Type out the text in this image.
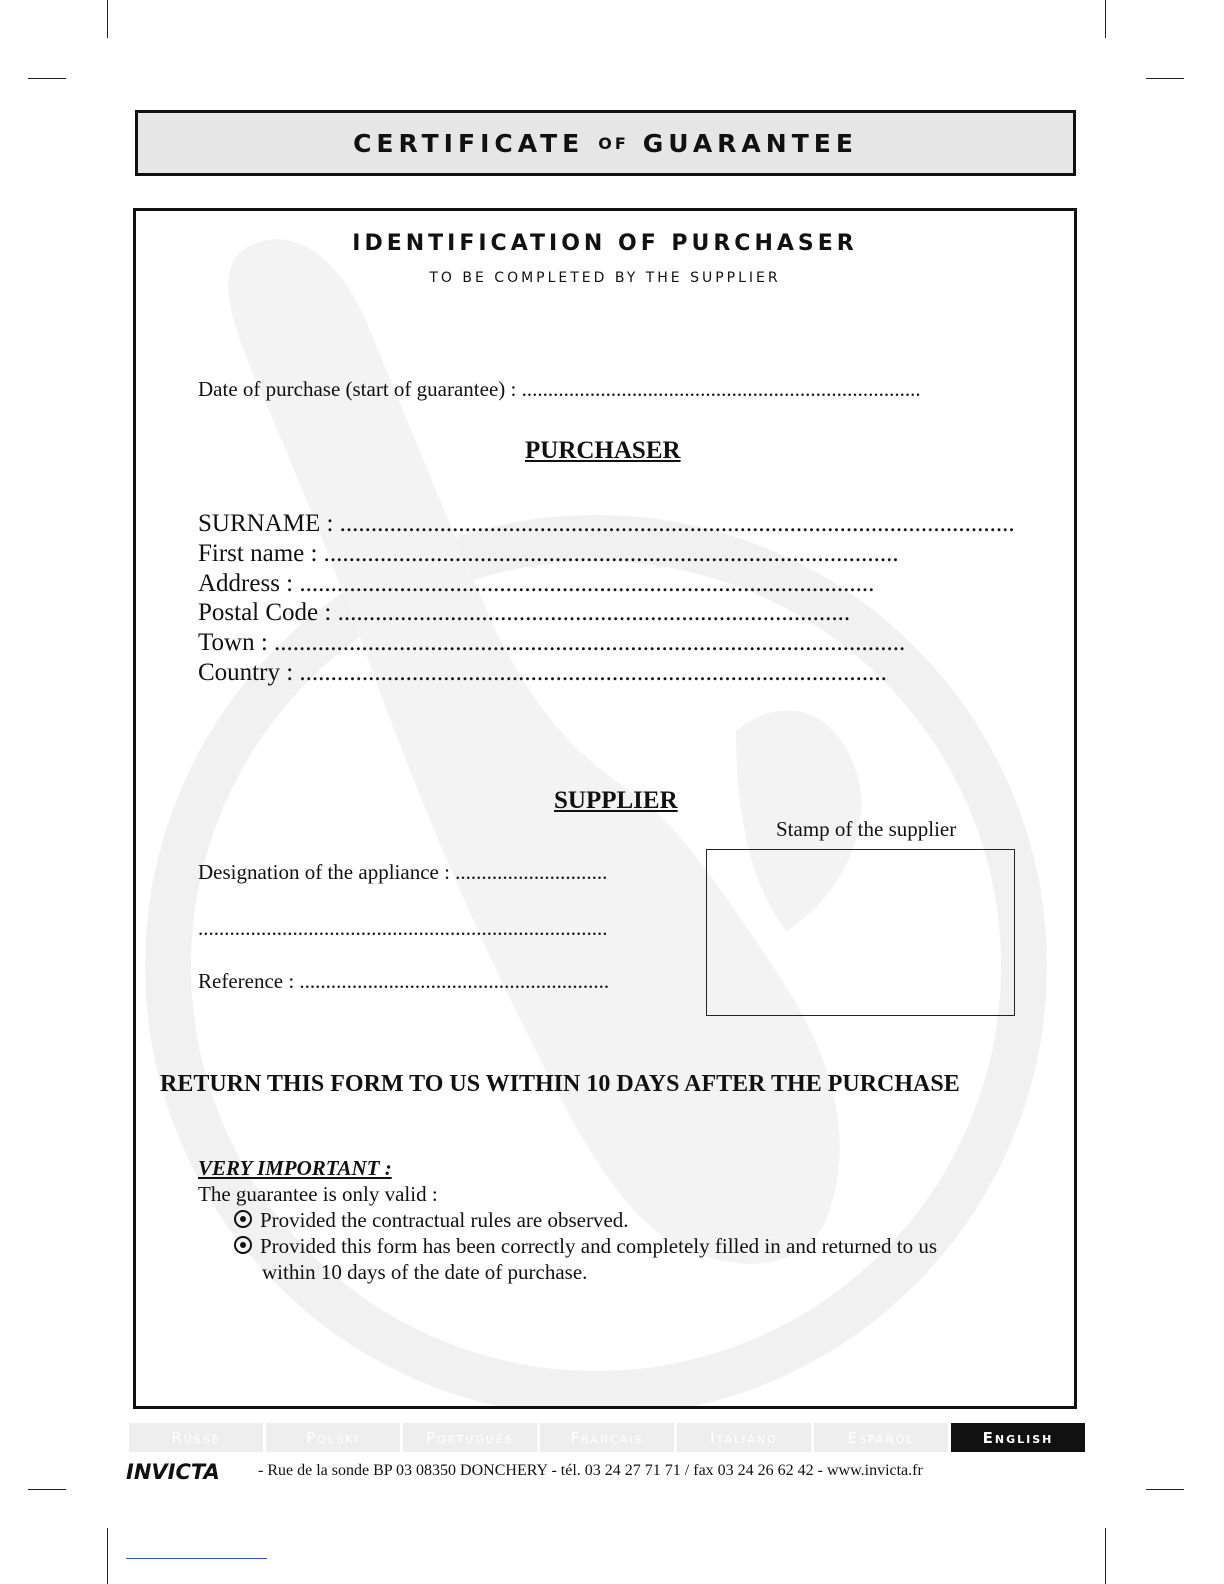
CERTIFICATE OF GUARANTEE
IDENTIFICATION OF PURCHASER
TO BE COMPLETED BY THE SUPPLIER
Date of purchase (start of guarantee) : ............................................................................
PURCHASER
SURNAME : ............................................................................................................
First name : ............................................................................................
Address : ............................................................................................
Postal Code : ..................................................................................
Town : .....................................................................................................
Country : ..............................................................................................
SUPPLIER
Stamp of the supplier
Designation of the appliance : .............................
..............................................................................
Reference : ...........................................................
RETURN THIS FORM TO US WITHIN 10 DAYS AFTER THE PURCHASE
VERY IMPORTANT :
The guarantee is only valid :
Provided the contractual rules are observed.
Provided this form has been correctly and completely filled in and returned to us
within 10 days of the date of purchase.
Russe	Polski	Português	Français	Italiano	Español	English
INVICTA - Rue de la sonde BP 03 08350 DONCHERY - tél. 03 24 27 71 71 / fax 03 24 26 62 42 - www.invicta.fr
